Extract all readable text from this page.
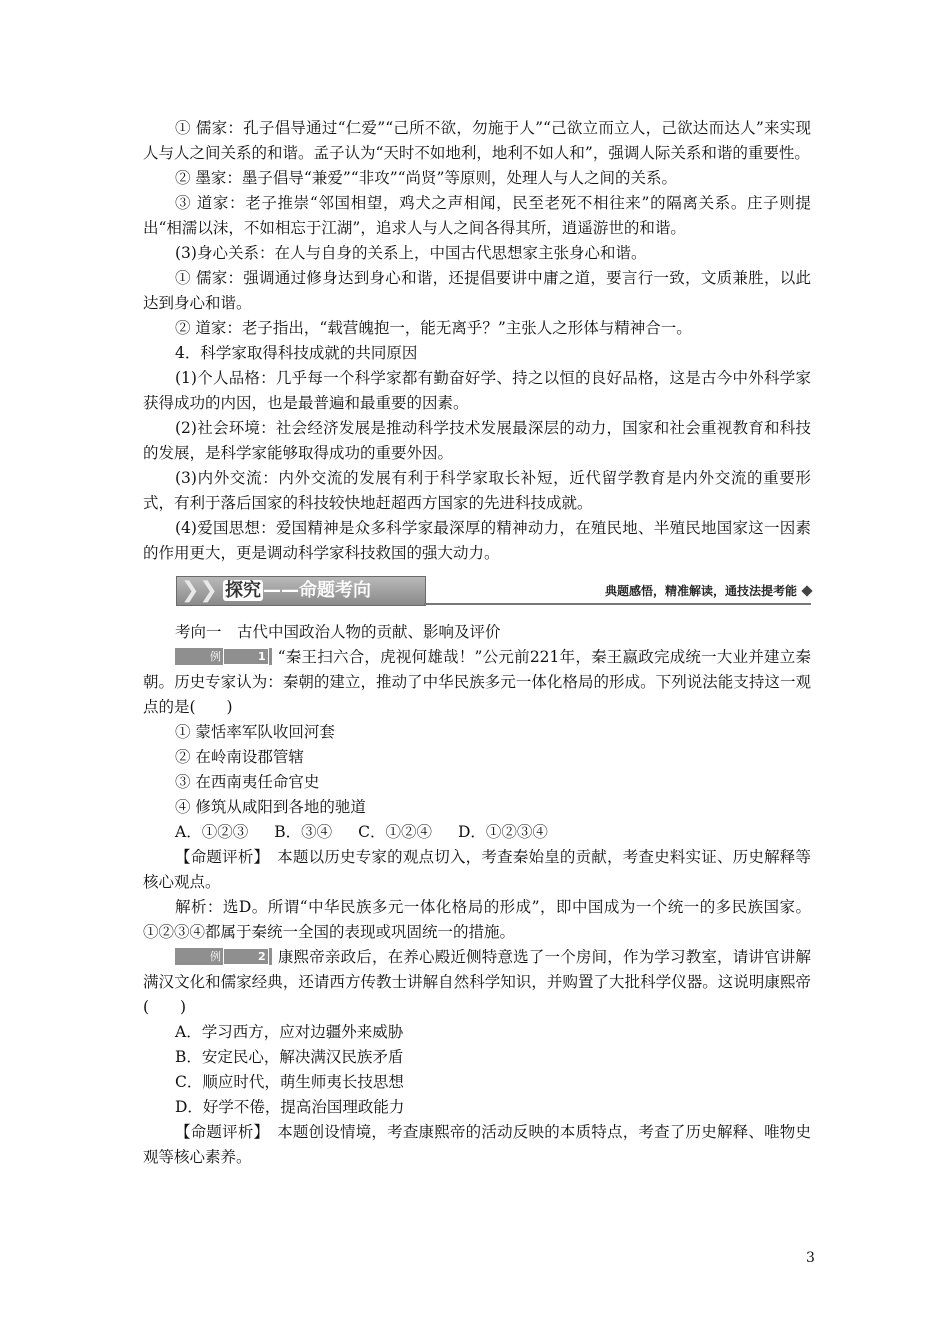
① 儒家：孔子倡导通过“仁爱”“己所不欲，勿施于人”“己欲立而立人，己欲达而达人”来实现人与人之间关系的和谐。孟子认为“天时不如地利，地利不如人和”，强调人际关系和谐的重要性。

② 墨家：墨子倡导“兼爱”“非攻”“尚贤”等原则，处理人与人之间的关系。

③ 道家：老子推崇“邻国相望，鸡犬之声相闻，民至老死不相往来”的隔离关系。庄子则提出“相濡以沫，不如相忘于江湖”，追求人与人之间各得其所，逍遥游世的和谐。

(3)身心关系：在人与自身的关系上，中国古代思想家主张身心和谐。

① 儒家：强调通过修身达到身心和谐，还提倡要讲中庸之道，要言行一致，文质兼胜，以此达到身心和谐。

② 道家：老子指出，“载营魄抱一，能无离乎？”主张人之形体与精神合一。

4．科学家取得科技成就的共同原因

(1)个人品格：几乎每一个科学家都有勤奋好学、持之以恒的良好品格，这是古今中外科学家获得成功的内因，也是最普遍和最重要的因素。

(2)社会环境：社会经济发展是推动科学技术发展最深层的动力，国家和社会重视教育和科技的发展，是科学家能够取得成功的重要外因。

(3)内外交流：内外交流的发展有利于科学家取长补短，近代留学教育是内外交流的重要形式，有利于落后国家的科技较快地赶超西方国家的先进科技成就。

(4)爱国思想：爱国精神是众多科学家最深厚的精神动力，在殖民地、半殖民地国家这一因素的作用更大，更是调动科学家科技救国的强大动力。

❯❯ 探究 ——命题考向	典题感悟，精准解读，通技法提考能

考向一　古代中国政治人物的贡献、影响及评价

例	1 “秦王扫六合，虎视何雄哉！”公元前221年，秦王嬴政完成统一大业并建立秦朝。历史专家认为：秦朝的建立，推动了中华民族多元一体化格局的形成。下列说法能支持这一观点的是(　　)

① 蒙恬率军队收回河套

② 在岭南设郡管辖

③ 在西南夷任命官史

④ 修筑从咸阳到各地的驰道

A．①②③ B．③④ C．①②④ D．①②③④

【命题评析】　本题以历史专家的观点切入，考查秦始皇的贡献，考查史料实证、历史解释等核心观点。

解析：选D。所谓“中华民族多元一体化格局的形成”，即中国成为一个统一的多民族国家。①②③④都属于秦统一全国的表现或巩固统一的措施。

例	2 康熙帝亲政后，在养心殿近侧特意选了一个房间，作为学习教室，请讲官讲解满汉文化和儒家经典，还请西方传教士讲解自然科学知识，并购置了大批科学仪器。这说明康熙帝(　　)

A．学习西方，应对边疆外来威胁

B．安定民心，解决满汉民族矛盾

C．顺应时代，萌生师夷长技思想

D．好学不倦，提高治国理政能力

【命题评析】　本题创设情境，考查康熙帝的活动反映的本质特点，考查了历史解释、唯物史观等核心素养。

3
